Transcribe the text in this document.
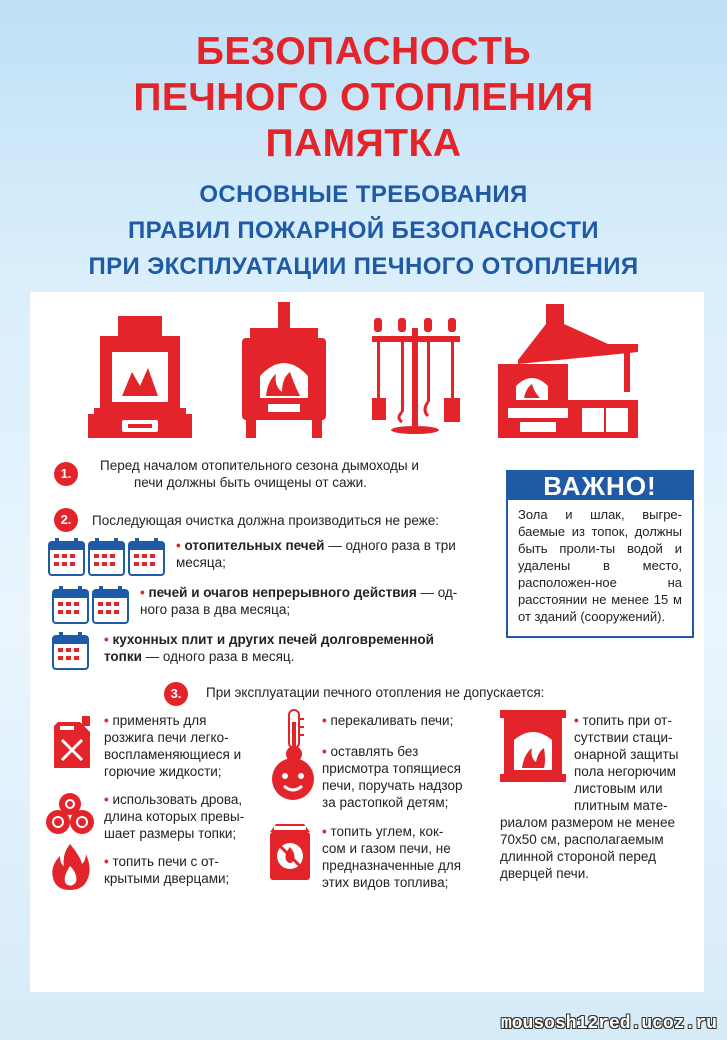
БЕЗОПАСНОСТЬ
ПЕЧНОГО ОТОПЛЕНИЯ
ПАМЯТКА
ОСНОВНЫЕ ТРЕБОВАНИЯ
ПРАВИЛ ПОЖАРНОЙ БЕЗОПАСНОСТИ
ПРИ ЭКСПЛУАТАЦИИ ПЕЧНОГО ОТОПЛЕНИЯ
1.
Перед началом отопительного сезона дымоходы и
печи должны быть очищены от сажи.
2.	Последующая очистка должна производиться не реже:
• отопительных печей — одного раза в три
месяца;
• печей и очагов непрерывного действия — од-
ного раза в два месяца;
• кухонных плит и других печей долговременной
топки — одного раза в месяц.
ВАЖНО!
Зола и шлак, выгре-баемые из топок, должны быть проли-ты водой и удалены в место, расположен-ное на расстоянии не менее 15 м от зданий (сооружений).
3.	При эксплуатации печного отопления не допускается:
• применять для
розжига печи легко-
воспламеняющиеся и
горючие жидкости;
• использовать дрова,
длина которых превы-
шает размеры топки;
• топить печи с от-
крытыми дверцами;
• перекаливать печи;
• оставлять без
присмотра топящиеся
печи, поручать надзор
за растопкой детям;
• топить углем, кок-
сом и газом печи, не
предназначенные для
этих видов топлива;
• топить при от-
сутствии стаци-
онарной защиты
пола негорючим
листовым или
плитным мате-
риалом размером не менее
70х50 см, располагаемым
длинной стороной перед
дверцей печи.
mousosh12red.ucoz.ru
